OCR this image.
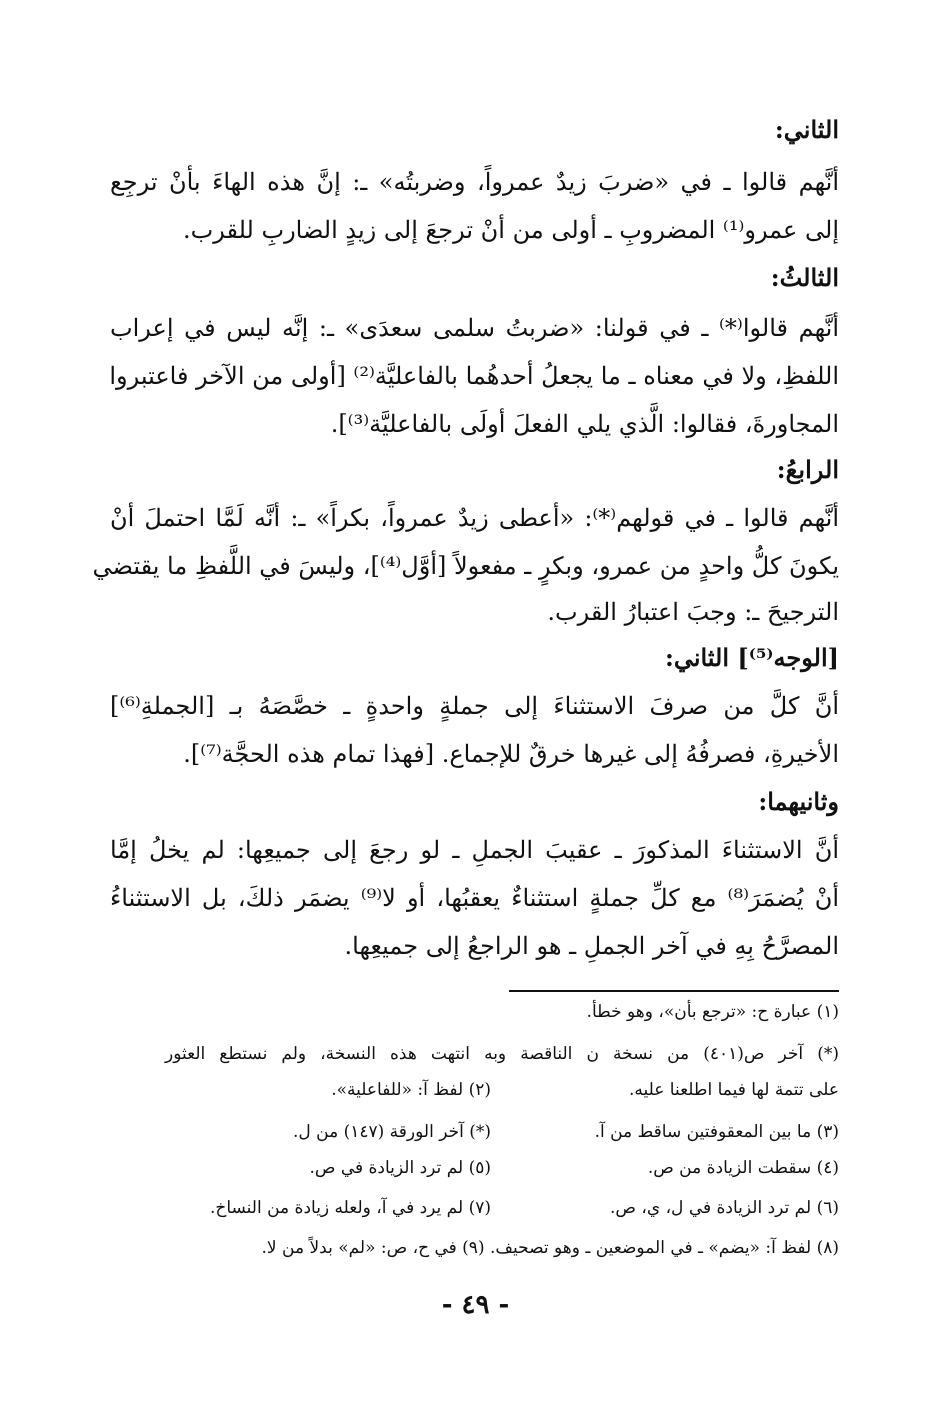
الثاني:
أنَّهم قالوا ـ في «ضربَ زيدٌ عمرواً، وضربتُه» ـ: إنَّ هذه الهاءَ بأنْ ترجِع
إلى عمرو⁽¹⁾ المضروبِ ـ أولى من أنْ ترجعَ إلى زيدٍ الضاربِ للقرب.
الثالثُ:
أنَّهم قالوا⁽*⁾ ـ في قولنا: «ضربتُ سلمى سعدَى» ـ: إنَّه ليس في إعراب
اللفظِ، ولا في معناه ـ ما يجعلُ أحدهُما بالفاعليَّة⁽²⁾ [أولى من الآخر فاعتبروا
المجاورةَ، فقالوا: الَّذي يلي الفعلَ أولَى بالفاعليَّة⁽³⁾].
الرابعُ:
أنَّهم قالوا ـ في قولهم⁽*⁾: «أعطى زيدٌ عمرواً، بكراً» ـ: أنَّه لَمَّا احتملَ أنْ
يكونَ كلُّ واحدٍ من عمرو، وبكرٍ ـ مفعولاً [أوَّل⁽⁴⁾]، وليسَ في اللَّفظِ ما يقتضي
الترجيحَ ـ: وجبَ اعتبارُ القرب.
[الوجه⁽⁵⁾] الثاني:
أنَّ كلَّ من صرفَ الاستثناءَ إلى جملةٍ واحدةٍ ـ خصَّصَهُ بـ [الجملةِ⁽⁶⁾]
الأخيرةِ، فصرفُهُ إلى غيرها خرقٌ للإجماع. [فهذا تمام هذه الحجَّة⁽⁷⁾].
وثانيهما:
أنَّ الاستثناءَ المذكورَ ـ عقيبَ الجملِ ـ لو رجعَ إلى جميعِها: لم يخلُ إمَّا
أنْ يُضمَرَ⁽⁸⁾ مع كلِّ جملةٍ استثناءٌ يعقبُها، أو لا⁽⁹⁾ يضمَر ذلكَ، بل الاستثناءُ
المصرَّحُ بِهِ في آخر الجملِ ـ هو الراجعُ إلى جميعِها.
(١) عبارة ح: «ترجع بأن»، وهو خطأ.
(*) آخر ص(٤٠١) من نسخة ن الناقصة وبه انتهت هذه النسخة، ولم نستطع العثور
على تتمة لها فيما اطلعنا عليه.
(٢) لفظ آ: «للفاعلية».
(٣) ما بين المعقوفتين ساقط من آ.
(*) آخر الورقة (١٤٧) من ل.
(٤) سقطت الزيادة من ص.
(٥) لم ترد الزيادة في ص.
(٦) لم ترد الزيادة في ل، ي، ص.
(٧) لم يرد في آ، ولعله زيادة من النساخ.
(٨) لفظ آ: «يضم» ـ في الموضعين ـ وهو تصحيف. (٩) في ح، ص: «لم» بدلاً من لا.
- ٤٩ -
